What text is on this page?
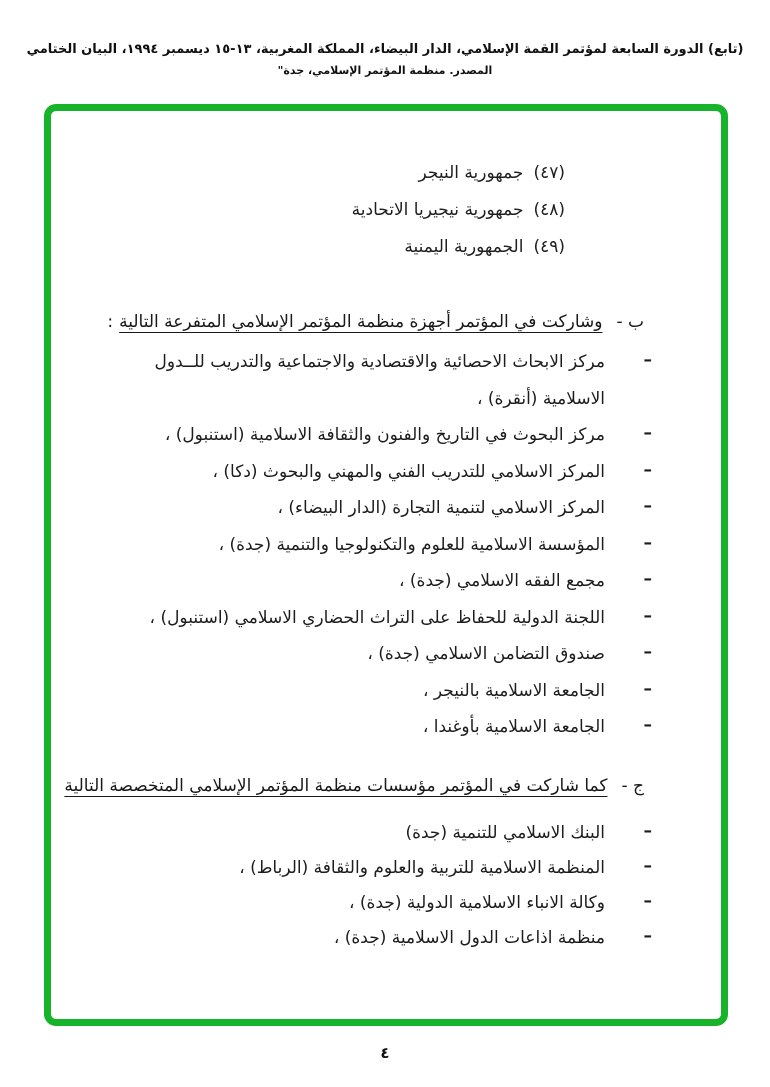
(تابع) الدورة السابعة لمؤتمر القمة الإسلامي، الدار البيضاء، المملكة المغربية، ١٣-١٥ ديسمبر ١٩٩٤، البيان الختامي
المصدر. منظمة المؤتمر الإسلامي، جدة"
(٤٧)
جمهورية النيجر
(٤٨)
جمهورية نيجيريا الاتحادية
(٤٩)
الجمهورية اليمنية
ب -وشاركت في المؤتمر أجهزة منظمة المؤتمر الإسلامي المتفرعة التالية:
–
مركز الابحاث الاحصائية والاقتصادية والاجتماعية والتدريب للــدول الاسلامية (أنقرة) ،
–
مركز البحوث في التاريخ والفنون والثقافة الاسلامية (استنبول) ،
–
المركز الاسلامي للتدريب الفني والمهني والبحوث (دكا) ،
–
المركز الاسلامي لتنمية التجارة (الدار البيضاء) ،
–
المؤسسة الاسلامية للعلوم والتكنولوجيا والتنمية (جدة) ،
–
مجمع الفقه الاسلامي (جدة) ،
–
اللجنة الدولية للحفاظ على التراث الحضاري الاسلامي (استنبول) ،
–
صندوق التضامن الاسلامي (جدة) ،
–
الجامعة الاسلامية بالنيجر ،
–
الجامعة الاسلامية بأوغندا ،
ج -كما شاركت في المؤتمر مؤسسات منظمة المؤتمر الإسلامي المتخصصة التالية
–
البنك الاسلامي للتنمية (جدة)
–
المنظمة الاسلامية للتربية والعلوم والثقافة (الرباط) ،
–
وكالة الانباء الاسلامية الدولية (جدة) ،
–
منظمة اذاعات الدول الاسلامية (جدة) ،
٤
